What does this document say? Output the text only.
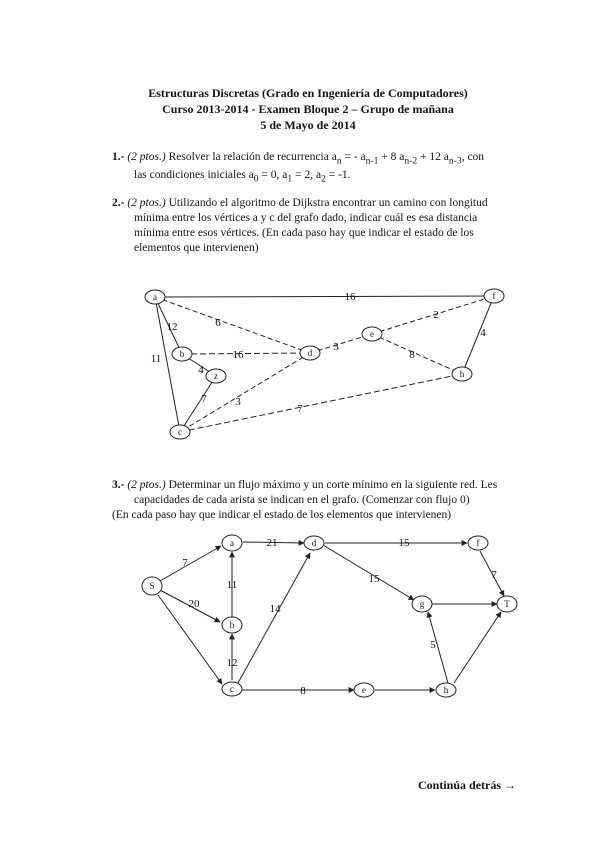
Estructuras Discretas (Grado en Ingeniería de Computadores)
Curso 2013-2014 - Examen Bloque 2 – Grupo de mañana
5 de Mayo de 2014
1.- (2 ptos.) Resolver la relación de recurrencia $a_n$ = - $a_{n-1} + 8$ $a_{n-2} + 12$ $a_{n-3}$, con
las condiciones iniciales $a_0 = 0$, $a_1 = 2$, $a_2 = -1$.
2.- (2 ptos.) Utilizando el algoritmo de Dijkstra encontrar un camino con longitud
mínima entre los vértices a y c del grafo dado, indicar cuál es esa distancia
mínima entre esos vértices. (En cada paso hay que indicar el estado de los
elementos que intervienen)
a
b
c
d
e
f
h
z
16
6
12
11	16
4
3
7	3
7
2
8
4
3.- (2 ptos.) Determinar un flujo máximo y un corte mínimo en la siguiente red. Les
capacidades de cada arista se indican en el grafo. (Comenzar con flujo 0)
(En cada paso hay que indicar el estado de los elementos que intervienen)
S
a
b
c
d
e
f
g
h
T
7
21
11
20	14
12
15
15
8
5
7
Continúa detrás →
